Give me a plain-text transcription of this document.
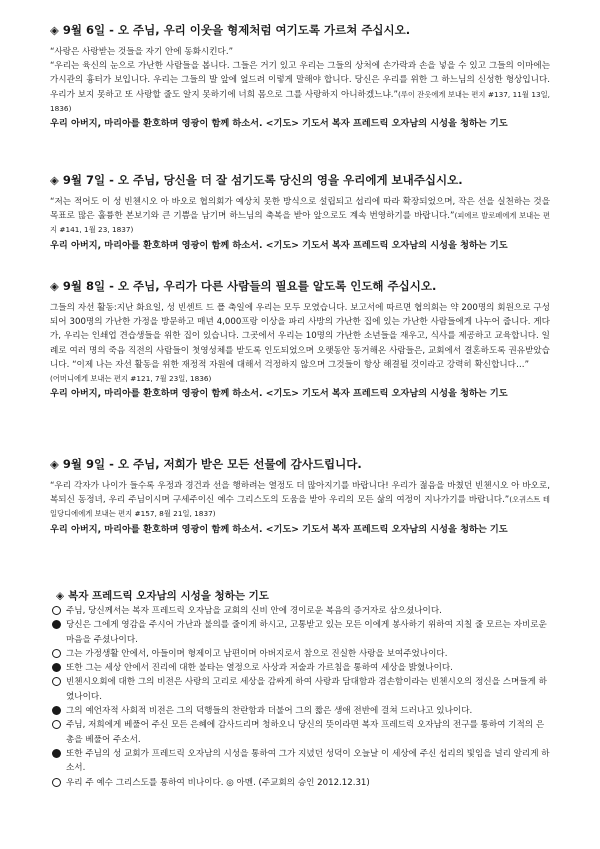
◈ 9월 6일 - 오 주님, 우리 이웃을 형제처럼 여기도록 가르쳐 주십시오.
“사랑은 사랑받는 것들을 자기 안에 동화시킨다.”
“우리는 육신의 눈으로 가난한 사람들을 봅니다. 그들은 거기 있고 우리는 그들의 상처에 손가락과 손을 넣을 수 있고 그들의 이마에는 가시관의 흉터가 보입니다. 우리는 그들의 발 앞에 엎드려 이렇게 말해야 합니다. 당신은 우리를 위한 그 하느님의 신성한 형상입니다. 우리가 보지 못하고 또 사랑할 줄도 알지 못하기에 너희 몸으로 그를 사랑하지 아니하겠느냐.”(루이 잔옷에게 보내는 편지 #137, 11월 13일, 1836)
우리 아버지, 마리아를 환호하며 영광이 함께 하소서. <기도> 기도서 복자 프레드릭 오자남의 시성을 청하는 기도
◈ 9월 7일 - 오 주님, 당신을 더 잘 섬기도록 당신의 영을 우리에게 보내주십시오.
“저는 적어도 이 성 빈첸시오 아 바오로 협의회가 예상치 못한 방식으로 설립되고 섭리에 따라 확장되었으며, 작은 선을 실천하는 것을 목표로 많은 훌륭한 본보기와 큰 기쁨을 남기며 하느님의 축복을 받아 앞으로도 계속 번영하기를 바랍니다.”(피에르 발로페에게 보내는 편지 #141, 1월 23, 1837)
우리 아버지, 마리아를 환호하며 영광이 함께 하소서. <기도> 기도서 복자 프레드릭 오자남의 시성을 청하는 기도
◈ 9월 8일 - 오 주님, 우리가 다른 사람들의 필요를 알도록 인도해 주십시오.
그들의 자선 활동:지난 화요일, 성 빈센트 드 폴 축일에 우리는 모두 모였습니다. 보고서에 따르면 협의회는 약 200명의 회원으로 구성되어 300명의 가난한 가정을 방문하고 매년 4,000프랑 이상을 파리 사방의 가난한 집에 있는 가난한 사람들에게 나누어 줍니다. 게다가, 우리는 인쇄업 견습생들을 위한 집이 있습니다. 그곳에서 우리는 10명의 가난한 소년들을 재우고, 식사를 제공하고 교육합니다. 일례로 여러 명의 죽음 직전의 사람들이 첫영성체를 받도록 인도되었으며 오랫동안 동거해온 사람들은, 교회에서 결혼하도록 권유받았습니다. “이제 나는 자선 활동을 위한 재정적 자원에 대해서 걱정하지 않으며 그것들이 항상 해결될 것이라고 강력히 확신합니다…”
(어머니에게 보내는 편지 #121, 7월 23일, 1836)
우리 아버지, 마리아를 환호하며 영광이 함께 하소서. <기도> 기도서 복자 프레드릭 오자남의 시성을 청하는 기도
◈ 9월 9일 - 오 주님, 저희가 받은 모든 선물에 감사드립니다.
“우리 각자가 나이가 들수록 우정과 경건과 선을 행하려는 열정도 더 많아지기를 바랍니다! 우리가 젊음을 바쳤던 빈첸시오 아 바오로, 복되신 동정녀, 우리 주님이시며 구세주이신 예수 그리스도의 도움을 받아 우리의 모든 삶의 여정이 지나가기를 바랍니다.”(오귀스트 테일당디에에게 보내는 편지 #157, 8월 21일, 1837)
우리 아버지, 마리아를 환호하며 영광이 함께 하소서. <기도> 기도서 복자 프레드릭 오자남의 시성을 청하는 기도
◈ 복자 프레드릭 오자남의 시성을 청하는 기도
주님, 당신께서는 복자 프레드릭 오자남을 교회의 신비 안에 경이로운 복음의 증거자로 삼으셨나이다.
당신은 그에게 영감을 주시어 가난과 불의를 줄이게 하시고, 고통받고 있는 모든 이에게 봉사하기 위하여 지칠 줄 모르는 자비로운 마음을 주셨나이다.
그는 가정생활 안에서, 아들이며 형제이고 남편이며 아버지로서 참으로 진실한 사랑을 보여주었나이다.
또한 그는 세상 안에서 진리에 대한 불타는 열정으로 사상과 저술과 가르침을 통하여 세상을 밝혔나이다.
빈첸시오회에 대한 그의 비전은 사랑의 고리로 세상을 감싸게 하여 사랑과 담대함과 겸손함이라는 빈첸시오의 정신을 스며들게 하였나이다.
그의 예언자적 사회적 비전은 그의 덕행들의 찬란함과 더불어 그의 짧은 생애 전반에 걸쳐 드러나고 있나이다.
주님, 저희에게 베풀어 주신 모든 은혜에 감사드리며 청하오니 당신의 뜻이라면 복자 프레드릭 오자남의 전구를 통하여 기적의 은총을 베풀어 주소서.
또한 주님의 성 교회가 프레드릭 오자남의 시성을 통하여 그가 지녔던 성덕이 오늘날 이 세상에 주신 섭리의 빛임을 널리 알리게 하소서.
우리 주 예수 그리스도를 통하여 비나이다. ◎ 아멘. (주교회의 승인 2012.12.31)
